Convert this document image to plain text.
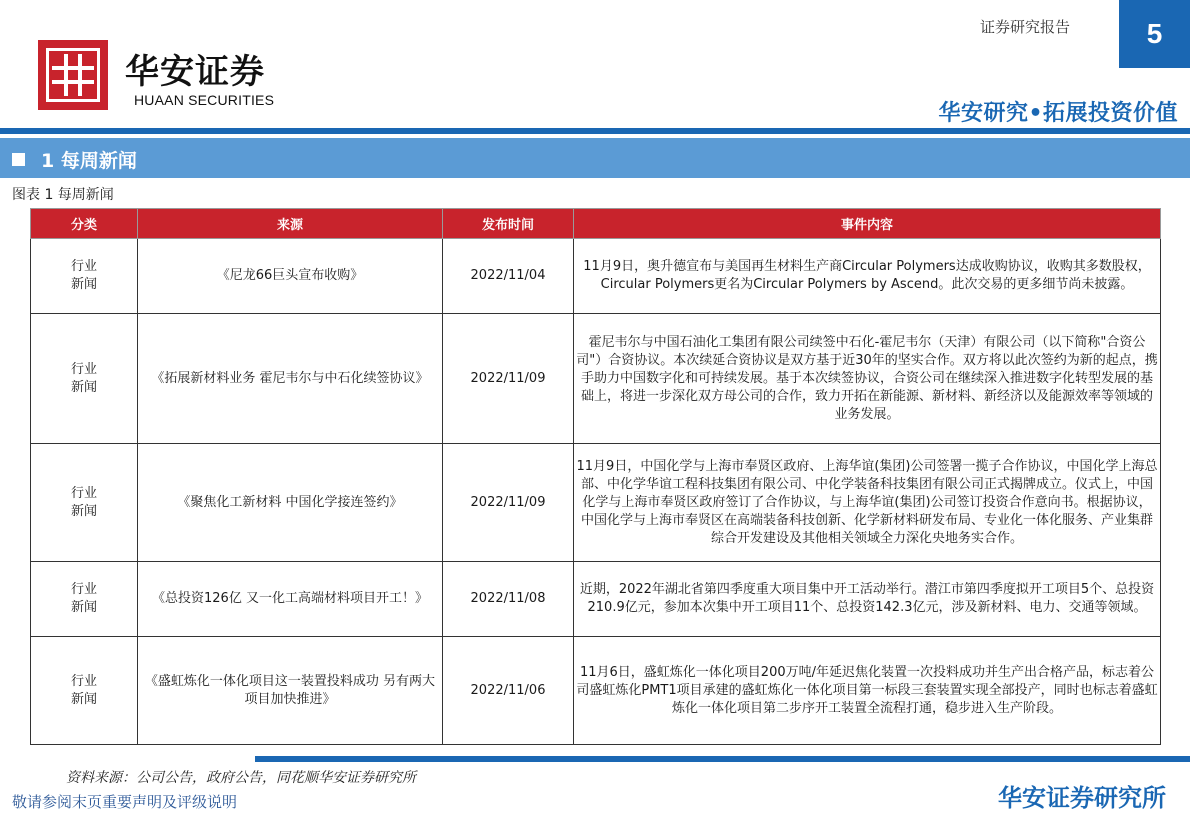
华安证券
HUAAN SECURITIES
证券研究报告	5
华安研究•拓展投资价值
1 每周新闻
图表 1 每周新闻
分类	来源	发布时间	事件内容
行业新闻	《尼龙66巨头宣布收购》	2022/11/04	11月9日，奥升德宣布与美国再生材料生产商Circular Polymers达成收购协议，收购其多数股权，Circular Polymers更名为Circular Polymers by Ascend。此次交易的更多细节尚未披露。
行业新闻	《拓展新材料业务 霍尼韦尔与中石化续签协议》	2022/11/09	霍尼韦尔与中国石油化工集团有限公司续签中石化-霍尼韦尔（天津）有限公司（以下简称"合资公司"）合资协议。本次续延合资协议是双方基于近30年的坚实合作。双方将以此次签约为新的起点，携手助力中国数字化和可持续发展。基于本次续签协议，合资公司在继续深入推进数字化转型发展的基础上，将进一步深化双方母公司的合作，致力开拓在新能源、新材料、新经济以及能源效率等领域的业务发展。
行业新闻	《聚焦化工新材料 中国化学接连签约》	2022/11/09	11月9日，中国化学与上海市奉贤区政府、上海华谊(集团)公司签署一揽子合作协议，中国化学上海总部、中化学华谊工程科技集团有限公司、中化学装备科技集团有限公司正式揭牌成立。仪式上，中国化学与上海市奉贤区政府签订了合作协议，与上海华谊(集团)公司签订投资合作意向书。根据协议，中国化学与上海市奉贤区在高端装备科技创新、化学新材料研发布局、专业化一体化服务、产业集群综合开发建设及其他相关领域全力深化央地务实合作。
行业新闻	《总投资126亿 又一化工高端材料项目开工！》	2022/11/08	近期，2022年湖北省第四季度重大项目集中开工活动举行。潜江市第四季度拟开工项目5个、总投资210.9亿元，参加本次集中开工项目11个、总投资142.3亿元，涉及新材料、电力、交通等领域。
行业新闻	《盛虹炼化一体化项目这一装置投料成功 另有两大项目加快推进》	2022/11/06	11月6日，盛虹炼化一体化项目200万吨/年延迟焦化装置一次投料成功并生产出合格产品，标志着公司盛虹炼化PMT1项目承建的盛虹炼化一体化项目第一标段三套装置实现全部投产，同时也标志着盛虹炼化一体化项目第二步序开工装置全流程打通，稳步进入生产阶段。
资料来源：公司公告，政府公告，同花顺华安证券研究所
敬请参阅末页重要声明及评级说明	华安证券研究所
